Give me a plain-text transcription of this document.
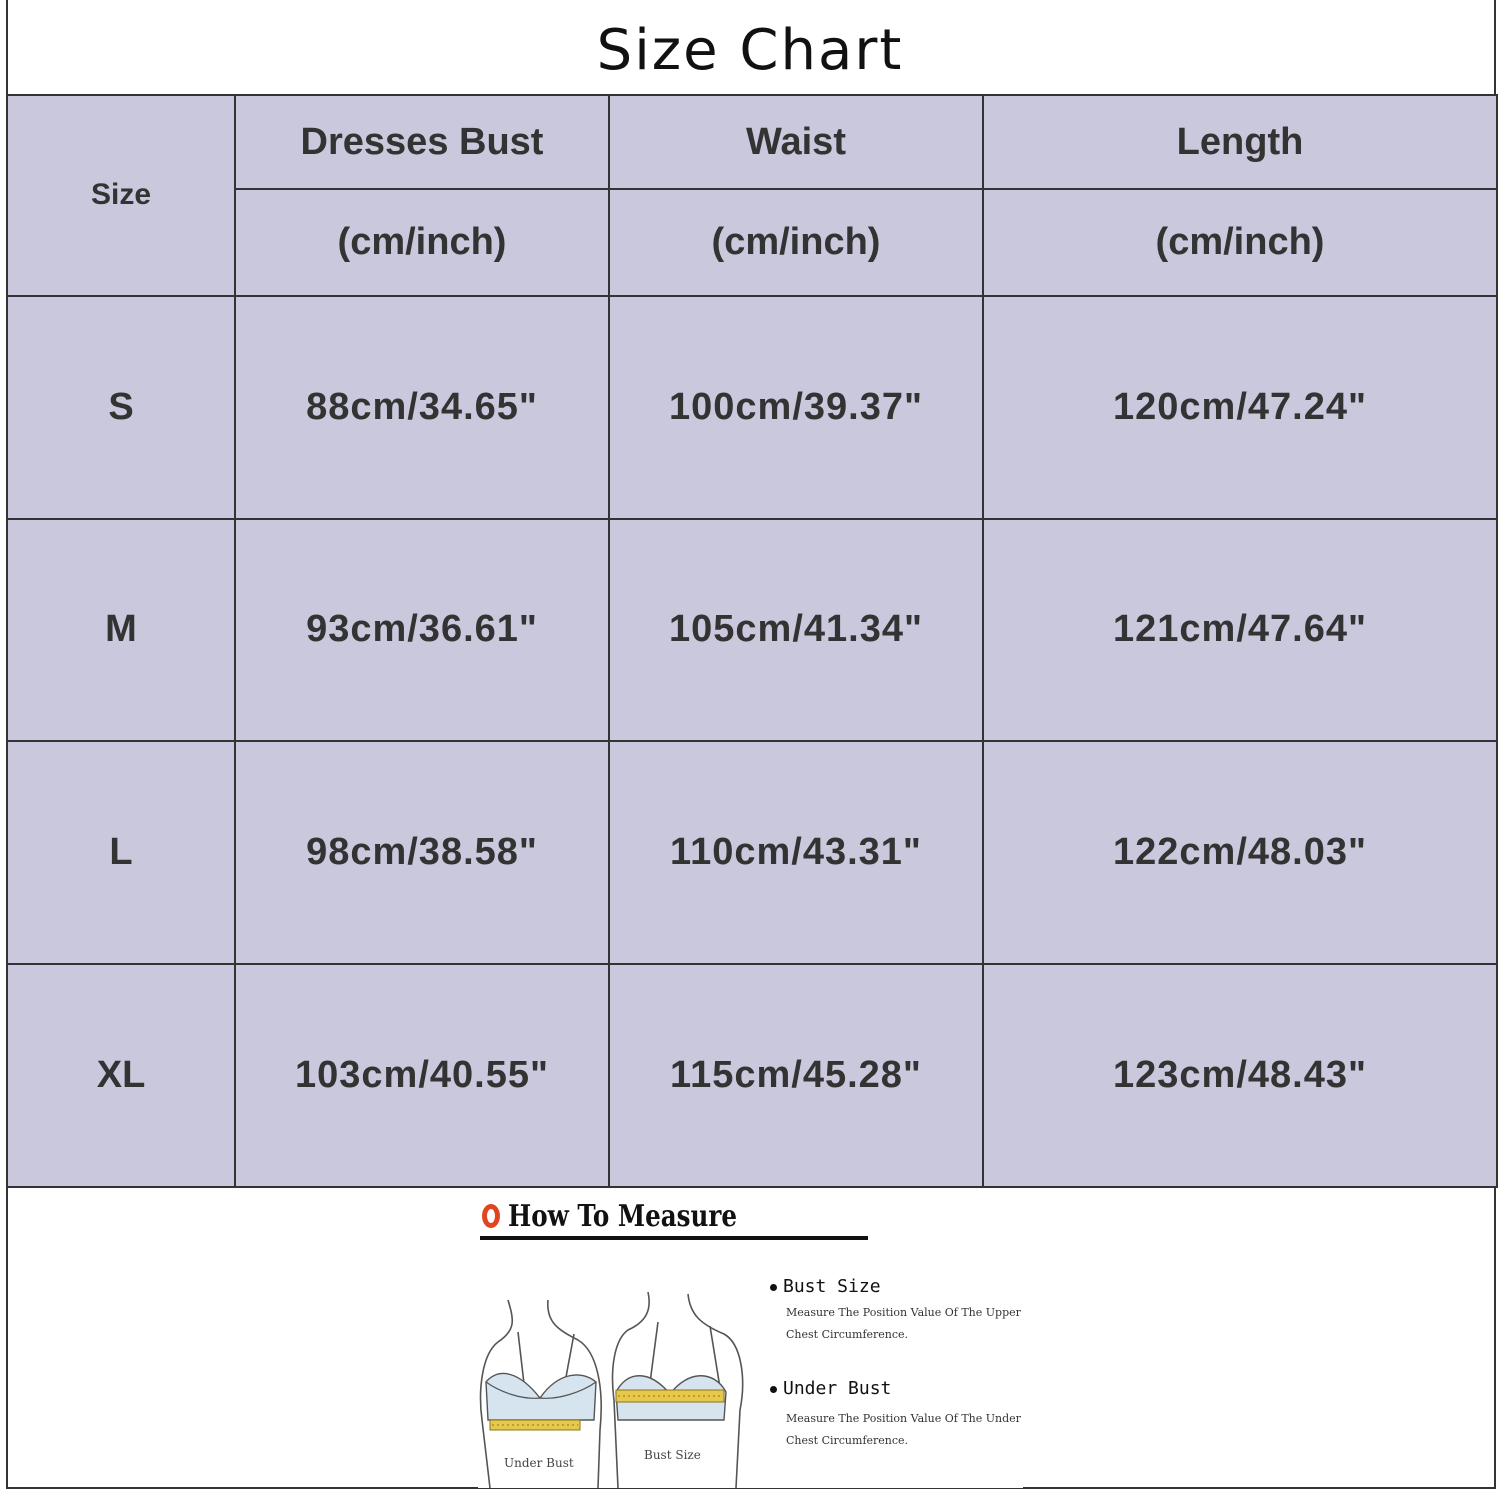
Size Chart
Size	Dresses Bust	Waist	Length
	(cm/inch)	(cm/inch)	(cm/inch)
S	88cm/34.65"	100cm/39.37"	120cm/47.24"
M	93cm/36.61"	105cm/41.34"	121cm/47.64"
L	98cm/38.58"	110cm/43.31"	122cm/48.03"
XL	103cm/40.55"	115cm/45.28"	123cm/48.43"
How To Measure
Under Bust
Bust Size
Bust Size
Measure The Position Value Of The Upper
Chest Circumference.
Under Bust
Measure The Position Value Of The Under
Chest Circumference.
